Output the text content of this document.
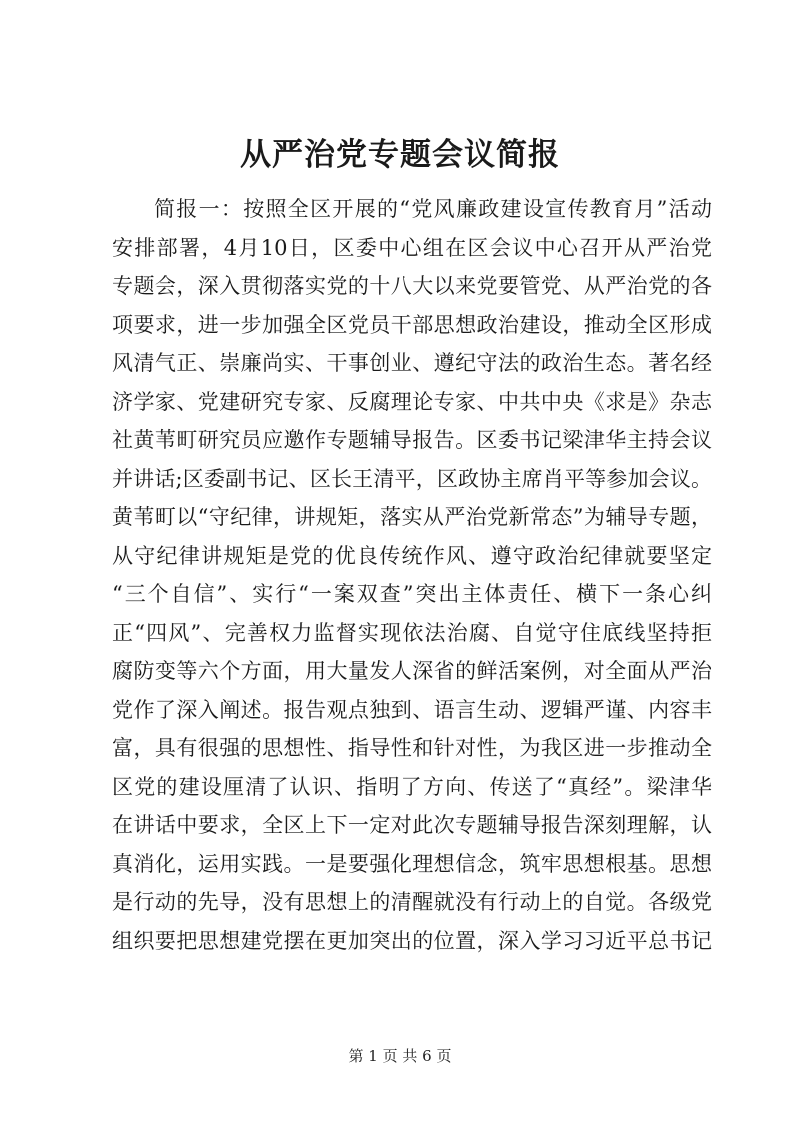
从严治党专题会议简报
简报一：按照全区开展的“党风廉政建设宣传教育月”活动
安排部署，4月10日，区委中心组在区会议中心召开从严治党
专题会，深入贯彻落实党的十八大以来党要管党、从严治党的各
项要求，进一步加强全区党员干部思想政治建设，推动全区形成
风清气正、崇廉尚实、干事创业、遵纪守法的政治生态。著名经
济学家、党建研究专家、反腐理论专家、中共中央《求是》杂志
社黄苇町研究员应邀作专题辅导报告。区委书记梁津华主持会议
并讲话;区委副书记、区长王清平，区政协主席肖平等参加会议。
黄苇町以“守纪律，讲规矩，落实从严治党新常态”为辅导专题，
从守纪律讲规矩是党的优良传统作风、遵守政治纪律就要坚定
“三个自信”、实行“一案双查”突出主体责任、横下一条心纠
正“四风”、完善权力监督实现依法治腐、自觉守住底线坚持拒
腐防变等六个方面，用大量发人深省的鲜活案例，对全面从严治
党作了深入阐述。报告观点独到、语言生动、逻辑严谨、内容丰
富，具有很强的思想性、指导性和针对性，为我区进一步推动全
区党的建设厘清了认识、指明了方向、传送了“真经”。梁津华
在讲话中要求，全区上下一定对此次专题辅导报告深刻理解，认
真消化，运用实践。一是要强化理想信念，筑牢思想根基。思想
是行动的先导，没有思想上的清醒就没有行动上的自觉。各级党
组织要把思想建党摆在更加突出的位置，深入学习习近平总书记
第 1 页 共 6 页
